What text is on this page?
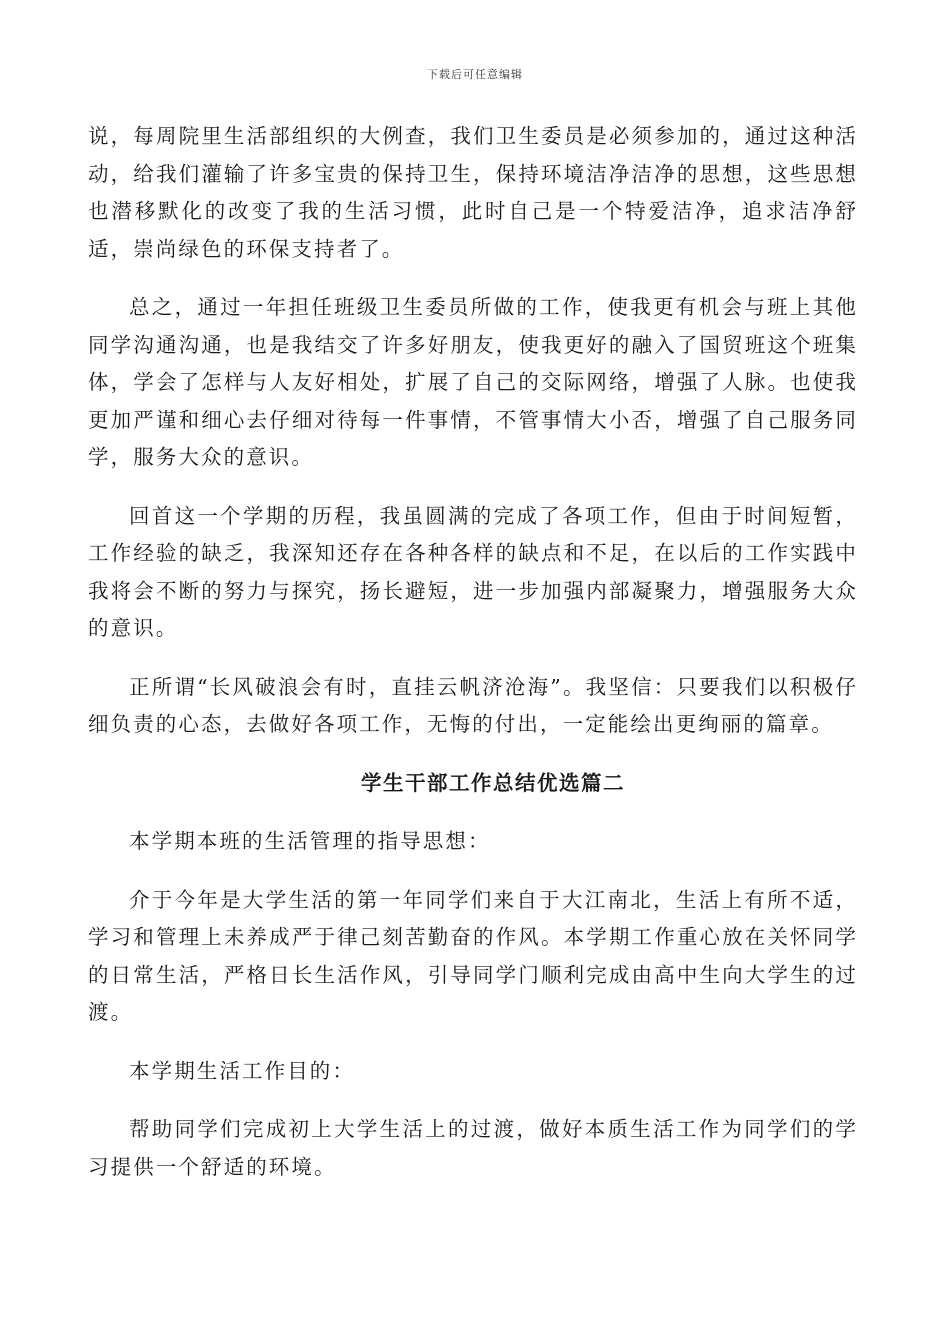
下载后可任意编辑

说，每周院里生活部组织的大例查，我们卫生委员是必须参加的，通过这种活动，给我们灌输了许多宝贵的保持卫生，保持环境洁净洁净的思想，这些思想也潜移默化的改变了我的生活习惯，此时自己是一个特爱洁净，追求洁净舒适，崇尚绿色的环保支持者了。

总之，通过一年担任班级卫生委员所做的工作，使我更有机会与班上其他同学沟通沟通，也是我结交了许多好朋友，使我更好的融入了国贸班这个班集体，学会了怎样与人友好相处，扩展了自己的交际网络，增强了人脉。也使我更加严谨和细心去仔细对待每一件事情，不管事情大小否，增强了自己服务同学，服务大众的意识。

回首这一个学期的历程，我虽圆满的完成了各项工作，但由于时间短暂，工作经验的缺乏，我深知还存在各种各样的缺点和不足，在以后的工作实践中我将会不断的努力与探究，扬长避短，进一步加强内部凝聚力，增强服务大众的意识。

正所谓“长风破浪会有时，直挂云帆济沧海”。我坚信：只要我们以积极仔细负责的心态，去做好各项工作，无悔的付出，一定能绘出更绚丽的篇章。

学生干部工作总结优选篇二

本学期本班的生活管理的指导思想：

介于今年是大学生活的第一年同学们来自于大江南北，生活上有所不适，学习和管理上未养成严于律己刻苦勤奋的作风。本学期工作重心放在关怀同学的日常生活，严格日长生活作风，引导同学门顺利完成由高中生向大学生的过渡。

本学期生活工作目的：

帮助同学们完成初上大学生活上的过渡，做好本质生活工作为同学们的学习提供一个舒适的环境。
